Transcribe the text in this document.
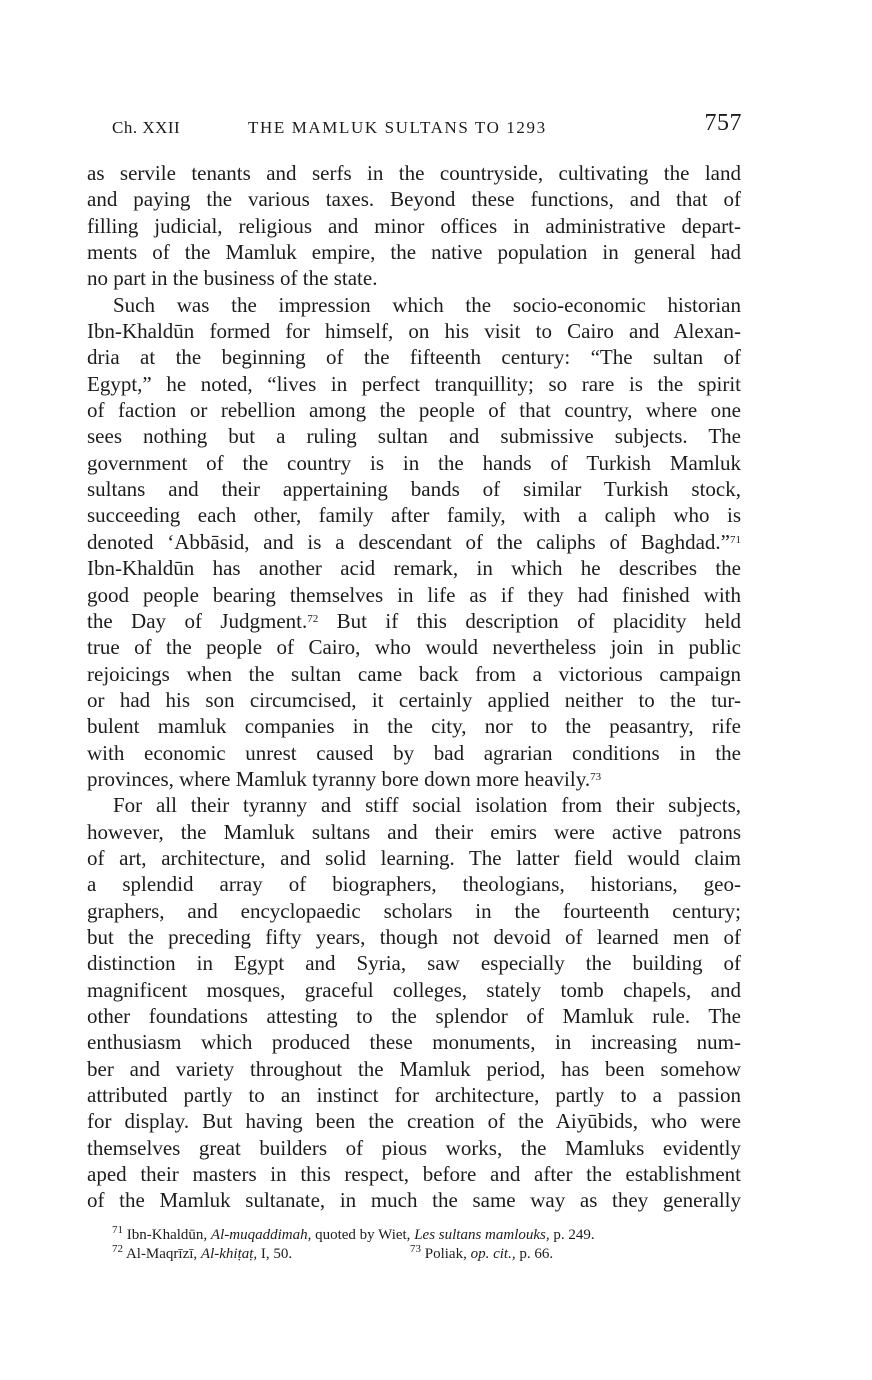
Ch. XXII	THE MAMLUK SULTANS TO 1293	757

as servile tenants and serfs in the countryside, cultivating the land
and paying the various taxes. Beyond these functions, and that of
filling judicial, religious and minor offices in administrative depart-
ments of the Mamluk empire, the native population in general had
no part in the business of the state.

Such was the impression which the socio-economic historian
Ibn-Khaldūn formed for himself, on his visit to Cairo and Alexan-
dria at the beginning of the fifteenth century: “The sultan of
Egypt,” he noted, “lives in perfect tranquillity; so rare is the spirit
of faction or rebellion among the people of that country, where one
sees nothing but a ruling sultan and submissive subjects. The
government of the country is in the hands of Turkish Mamluk
sultans and their appertaining bands of similar Turkish stock,
succeeding each other, family after family, with a caliph who is
denoted ‘Abbāsid, and is a descendant of the caliphs of Baghdad.”$^{71}$
Ibn-Khaldūn has another acid remark, in which he describes the
good people bearing themselves in life as if they had finished with
the Day of Judgment.$^{72}$ But if this description of placidity held
true of the people of Cairo, who would nevertheless join in public
rejoicings when the sultan came back from a victorious campaign
or had his son circumcised, it certainly applied neither to the tur-
bulent mamluk companies in the city, nor to the peasantry, rife
with economic unrest caused by bad agrarian conditions in the
provinces, where Mamluk tyranny bore down more heavily.$^{73}$

For all their tyranny and stiff social isolation from their subjects,
however, the Mamluk sultans and their emirs were active patrons
of art, architecture, and solid learning. The latter field would claim
a splendid array of biographers, theologians, historians, geo-
graphers, and encyclopaedic scholars in the fourteenth century;
but the preceding fifty years, though not devoid of learned men of
distinction in Egypt and Syria, saw especially the building of
magnificent mosques, graceful colleges, stately tomb chapels, and
other foundations attesting to the splendor of Mamluk rule. The
enthusiasm which produced these monuments, in increasing num-
ber and variety throughout the Mamluk period, has been somehow
attributed partly to an instinct for architecture, partly to a passion
for display. But having been the creation of the Aiyūbids, who were
themselves great builders of pious works, the Mamluks evidently
aped their masters in this respect, before and after the establishment
of the Mamluk sultanate, in much the same way as they generally

$^{71}$ Ibn-Khaldūn, Al-muqaddimah, quoted by Wiet, Les sultans mamlouks, p. 249.
$^{72}$ Al-Maqrīzī, Al-khiṭaṭ, I, 50.	$^{73}$ Poliak, op. cit., p. 66.
